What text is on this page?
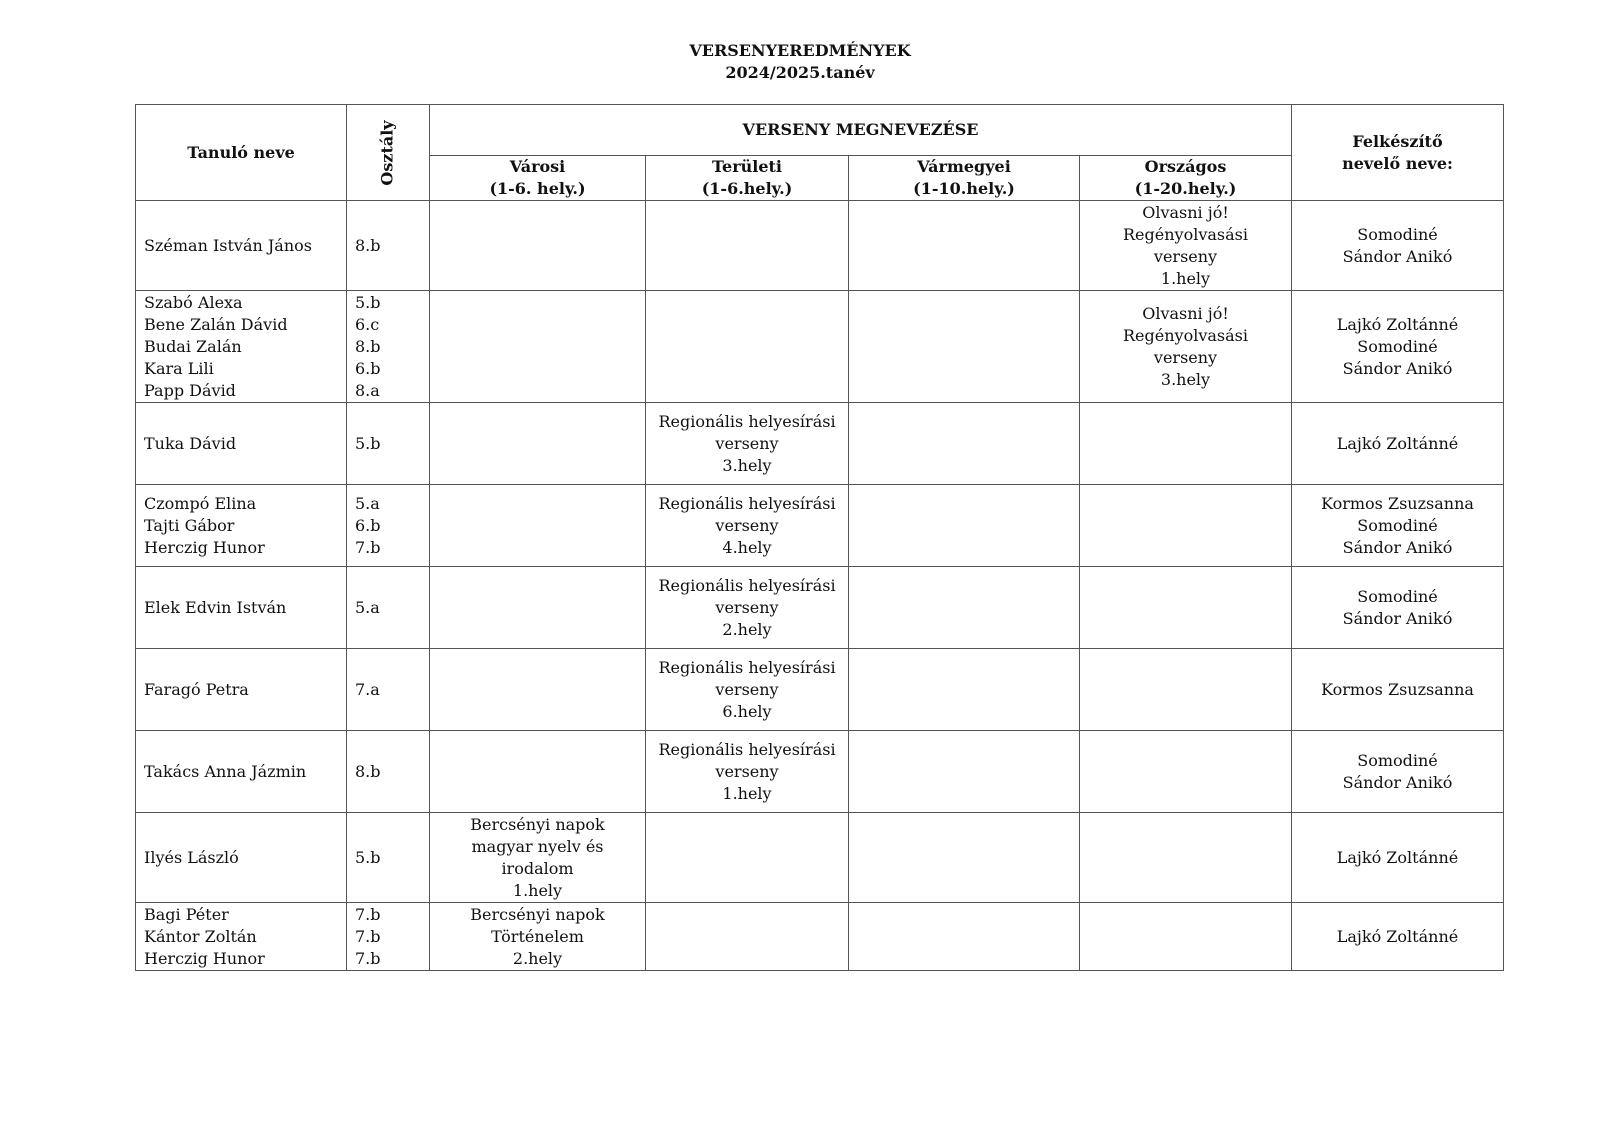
VERSENYEREDMÉNYEK
2024/2025.tanév
Tanuló neve	Osztály	VERSENY MEGNEVEZÉSE				Felkészítő
nevelő neve:

		Városi
(1-6. hely.)	Területi
(1-6.hely.)	Vármegyei
(1-10.hely.)	Országos
(1-20.hely.)	

Széman István János	8.b				Olvasni jó!
Regényolvasási
verseny
1.hely	Somodiné
Sándor Anikó

Szabó Alexa
Bene Zalán Dávid
Budai Zalán
Kara Lili
Papp Dávid	5.b
6.c
8.b
6.b
8.a				Olvasni jó!
Regényolvasási
verseny
3.hely	Lajkó Zoltánné
Somodiné
Sándor Anikó

Tuka Dávid	5.b		Regionális helyesírási
verseny
3.hely			Lajkó Zoltánné

Czompó Elina
Tajti Gábor
Herczig Hunor	5.a
6.b
7.b		Regionális helyesírási
verseny
4.hely			Kormos Zsuzsanna
Somodiné
Sándor Anikó

Elek Edvin István	5.a		Regionális helyesírási
verseny
2.hely			Somodiné
Sándor Anikó

Faragó Petra	7.a		Regionális helyesírási
verseny
6.hely			Kormos Zsuzsanna

Takács Anna Jázmin	8.b		Regionális helyesírási
verseny
1.hely			Somodiné
Sándor Anikó

Ilyés László	5.b	Bercsényi napok
magyar nyelv és
irodalom
1.hely				Lajkó Zoltánné

Bagi Péter
Kántor Zoltán
Herczig Hunor	7.b
7.b
7.b	Bercsényi napok
Történelem
2.hely				Lajkó Zoltánné
